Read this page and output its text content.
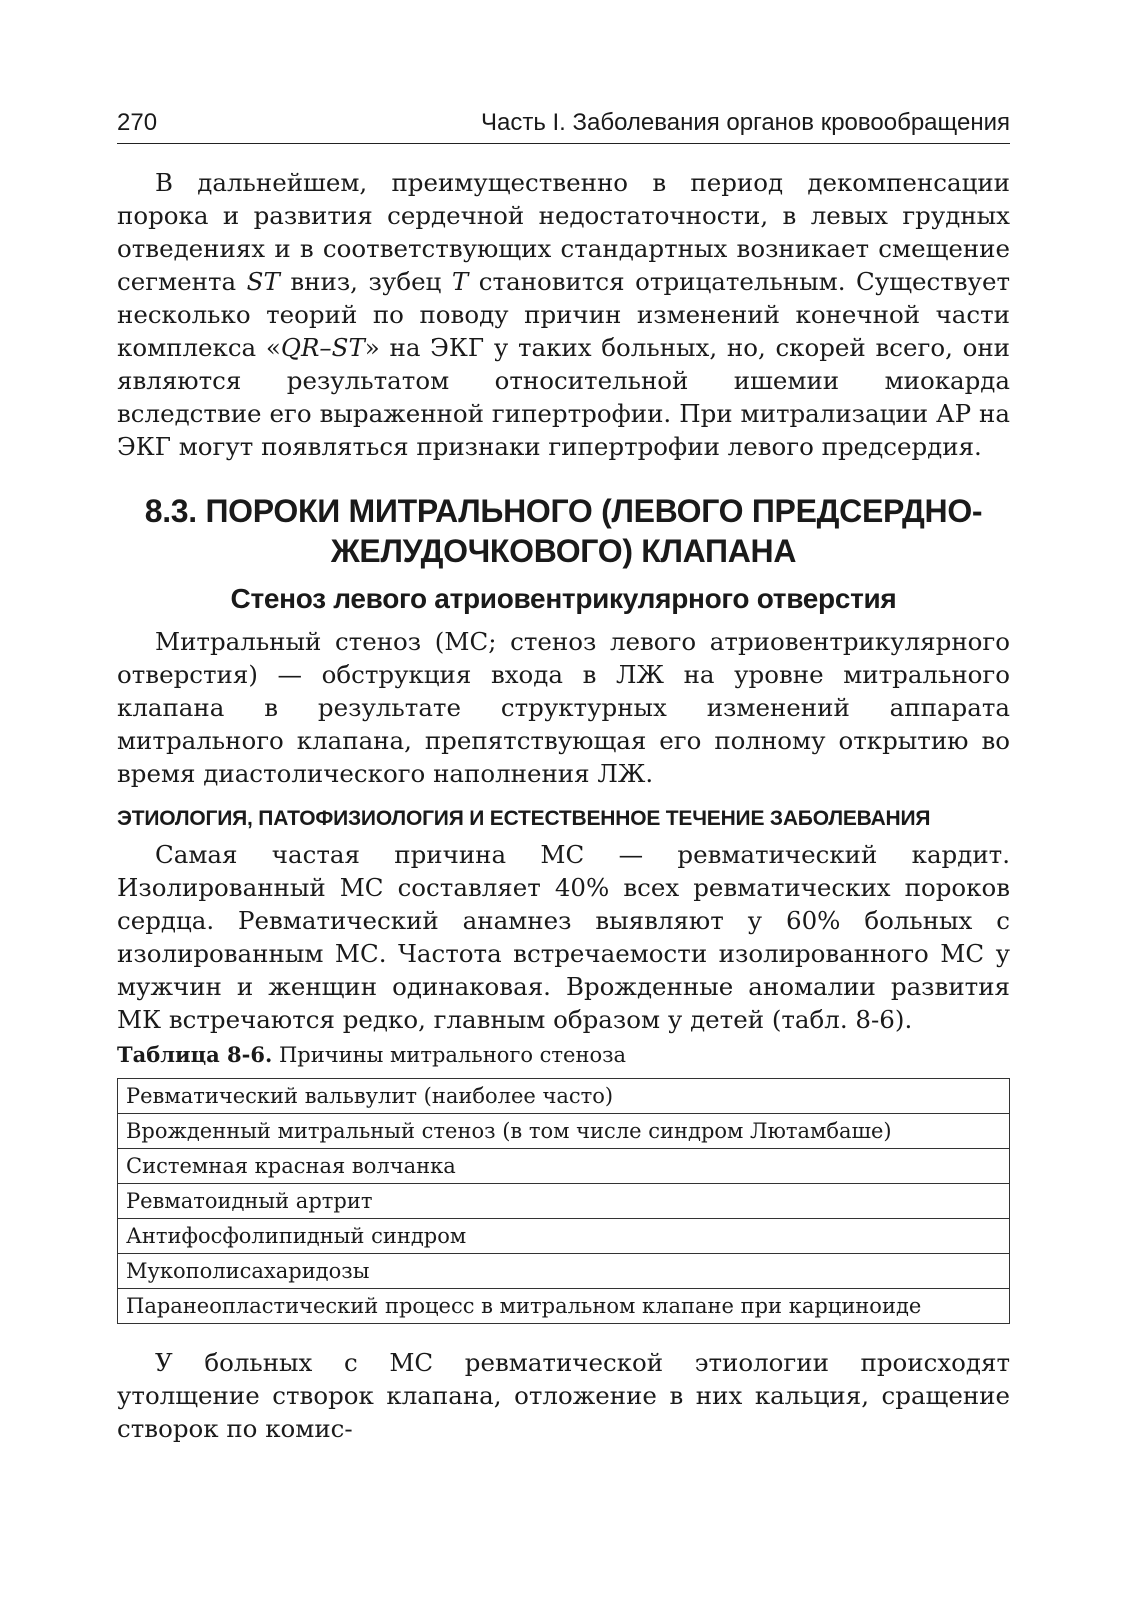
270	Часть I. Заболевания органов кровообращения

В дальнейшем, преимущественно в период декомпенсации порока и развития сердечной недостаточности, в левых грудных отведениях и в соответствующих стандартных возникает смещение сегмента ST вниз, зубец T становится отрицательным. Существует несколько теорий по поводу причин изменений конечной части комплекса «QR–ST» на ЭКГ у таких больных, но, скорей всего, они являются результатом относительной ишемии миокарда вследствие его выраженной гипертрофии. При митрализации АР на ЭКГ могут появляться признаки гипертрофии левого предсердия.

8.3. ПОРОКИ МИТРАЛЬНОГО (ЛЕВОГО ПРЕДСЕРДНО-
ЖЕЛУДОЧКОВОГО) КЛАПАНА
Стеноз левого атриовентрикулярного отверстия

Митральный стеноз (МС; стеноз левого атриовентрикулярного отверстия) — обструкция входа в ЛЖ на уровне митрального клапана в результате структурных изменений аппарата митрального клапана, препятствующая его полному открытию во время диастолического наполнения ЛЖ.

ЭТИОЛОГИЯ, ПАТОФИЗИОЛОГИЯ И ЕСТЕСТВЕННОЕ ТЕЧЕНИЕ ЗАБОЛЕВАНИЯ

Самая частая причина МС — ревматический кардит. Изолированный МС составляет 40% всех ревматических пороков сердца. Ревматический анамнез выявляют у 60% больных с изолированным МС. Частота встречаемости изолированного МС у мужчин и женщин одинаковая. Врожденные аномалии развития МК встречаются редко, главным образом у детей (табл. 8-6).

Таблица 8-6. Причины митрального стеноза
Ревматический вальвулит (наиболее часто)
Врожденный митральный стеноз (в том числе синдром Лютамбаше)
Системная красная волчанка
Ревматоидный артрит
Антифосфолипидный синдром
Мукополисахаридозы
Паранеопластический процесс в митральном клапане при карциноиде

У больных с МС ревматической этиологии происходят утолщение створок клапана, отложение в них кальция, сращение створок по комис-
